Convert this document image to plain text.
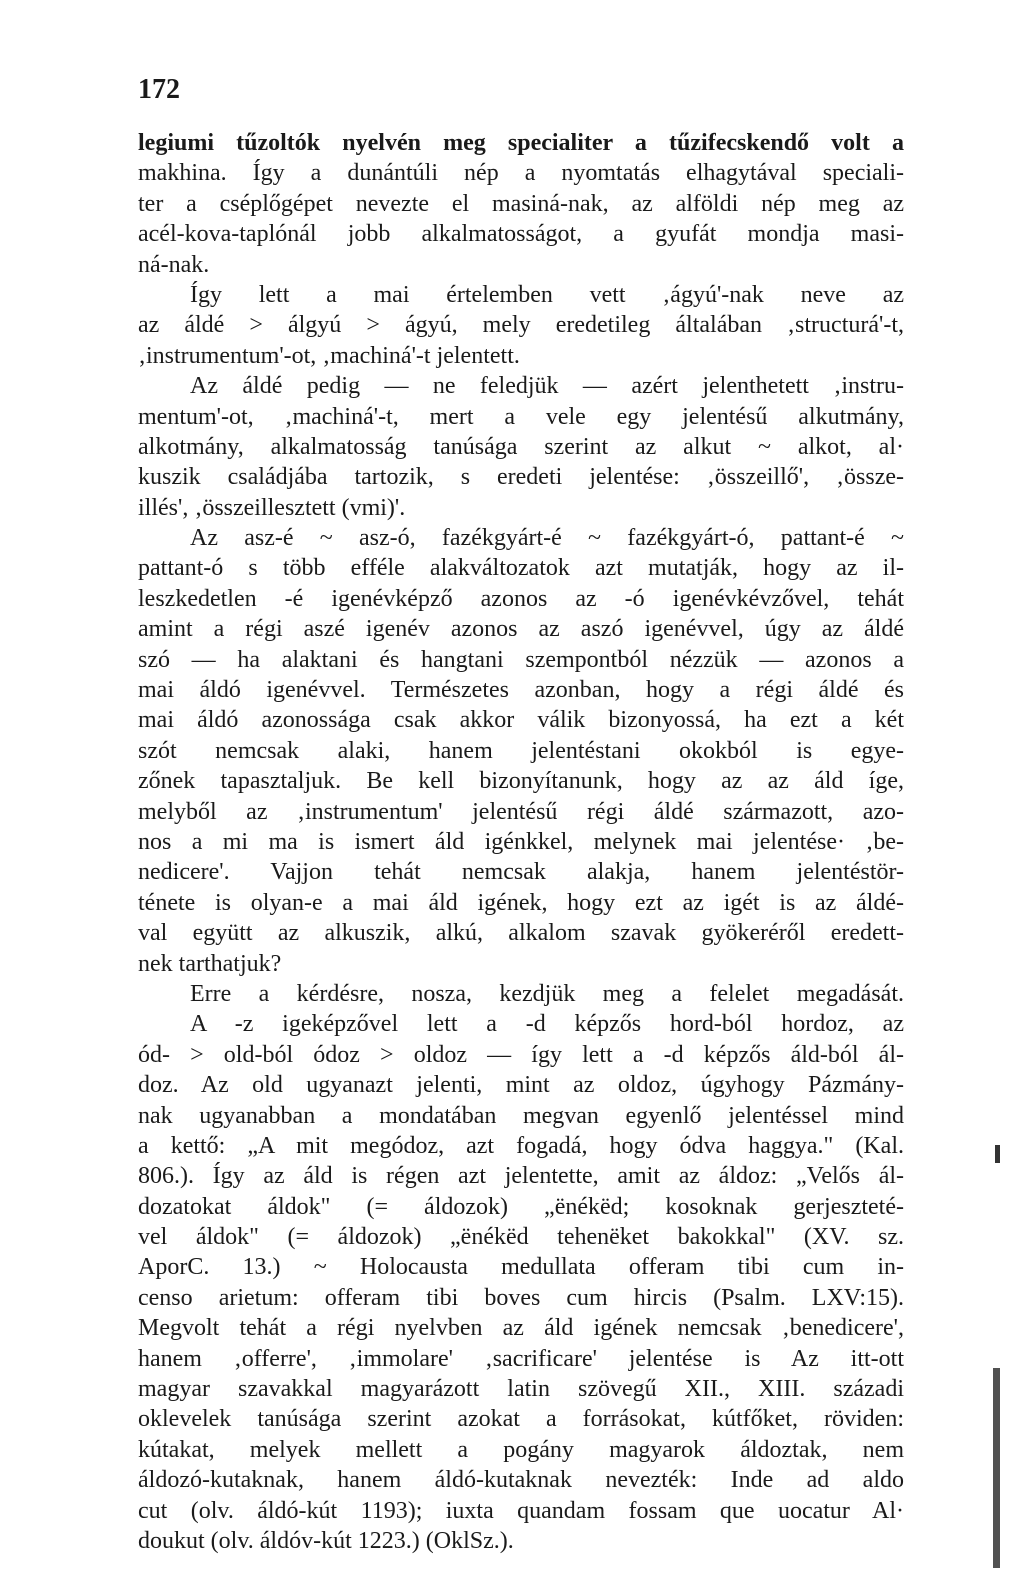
172
legiumi tűzoltók nyelvén meg specialiter a tűzifecskendő volt a
makhina. Így a dunántúli nép a nyomtatás elhagytával speciali-
ter a cséplőgépet nevezte el masiná-nak, az alföldi nép meg az
acél-kova-taplónál jobb alkalmatosságot, a gyufát mondja masi-
ná-nak.
Így lett a mai értelemben vett ‚ágyú'-nak neve az
az áldé > álgyú > ágyú, mely eredetileg általában ‚structurá'-t,
‚instrumentum'-ot, ‚machiná'-t jelentett.
Az áldé pedig — ne feledjük — azért jelenthetett ‚instru-
mentum'-ot, ‚machiná'-t, mert a vele egy jelentésű alkutmány,
alkotmány, alkalmatosság tanúsága szerint az alkut ~ alkot, al·
kuszik családjába tartozik, s eredeti jelentése: ‚összeillő', ‚össze-
illés', ‚összeillesztett (vmi)'.
Az asz-é ~ asz-ó, fazékgyárt-é ~ fazékgyárt-ó, pattant-é ~
pattant-ó s több efféle alakváltozatok azt mutatják, hogy az il-
leszkedetlen -é igenévképző azonos az -ó igenévkévzővel, tehát
amint a régi aszé igenév azonos az aszó igenévvel, úgy az áldé
szó — ha alaktani és hangtani szempontból nézzük — azonos a
mai áldó igenévvel. Természetes azonban, hogy a régi áldé és
mai áldó azonossága csak akkor válik bizonyossá, ha ezt a két
szót nemcsak alaki, hanem jelentéstani okokból is egye-
zőnek tapasztaljuk. Be kell bizonyítanunk, hogy az az áld íge,
melyből az ‚instrumentum' jelentésű régi áldé származott, azo-
nos a mi ma is ismert áld igénkkel, melynek mai jelentése· ‚be-
nedicere'. Vajjon tehát nemcsak alakja, hanem jelentéstör-
ténete is olyan-e a mai áld igének, hogy ezt az igét is az áldé-
val együtt az alkuszik, alkú, alkalom szavak gyökeréről eredett-
nek tarthatjuk?
Erre a kérdésre, nosza, kezdjük meg a felelet megadását.
A -z igeképzővel lett a -d képzős hord-ból hordoz, az
ód- > old-ból ódoz > oldoz — így lett a -d képzős áld-ból ál-
doz. Az old ugyanazt jelenti, mint az oldoz, úgyhogy Pázmány-
nak ugyanabban a mondatában megvan egyenlő jelentéssel mind
a kettő: „A mit megódoz, azt fogadá, hogy ódva haggya." (Kal.
806.). Így az áld is régen azt jelentette, amit az áldoz: „Velős ál-
dozatokat áldok" (= áldozok) „ënékëd; kosoknak gerjeszteté-
vel áldok" (= áldozok) „ënékëd tehenëket bakokkal" (XV. sz.
AporC. 13.) ~ Holocausta medullata offeram tibi cum in-
censo arietum: offeram tibi boves cum hircis (Psalm. LXV:15).
Megvolt tehát a régi nyelvben az áld igének nemcsak ‚benedicere',
hanem ‚offerre', ‚immolare' ‚sacrificare' jelentése is Az itt-ott
magyar szavakkal magyarázott latin szövegű XII., XIII. századi
oklevelek tanúsága szerint azokat a forrásokat, kútfőket, röviden:
kútakat, melyek mellett a pogány magyarok áldoztak, nem
áldozó-kutaknak, hanem áldó-kutaknak nevezték: Inde ad aldo
cut (olv. áldó-kút 1193); iuxta quandam fossam que uocatur Al·
doukut (olv. áldóv-kút 1223.) (OklSz.).
